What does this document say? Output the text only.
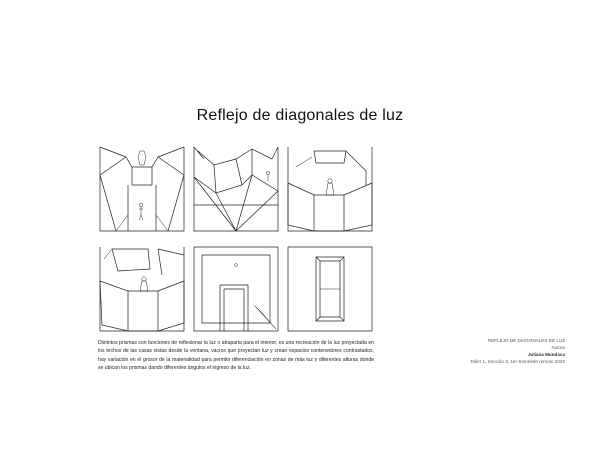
Reflejo de diagonales de luz
Distintos prismas con funciones de reflexionar la luz o atraparla para el interior, es una recreación de la luz proyectada en los techos de las casas vistas desde la ventana, vacíos que proyectan luz y crean espacios contenedores contrastados, hay variación en el grosor de la materialidad para permitir diferenciación en zonas de más luz y diferentes alturas donde se ubican los prismas dando diferentes ángulos el ingreso de la luz.
REFLEJO DE DIAGONALES DE LUZ
Autora
Juliana Mundaca
Taller 1, Sección 3, 1er Semestre remoto 2020
